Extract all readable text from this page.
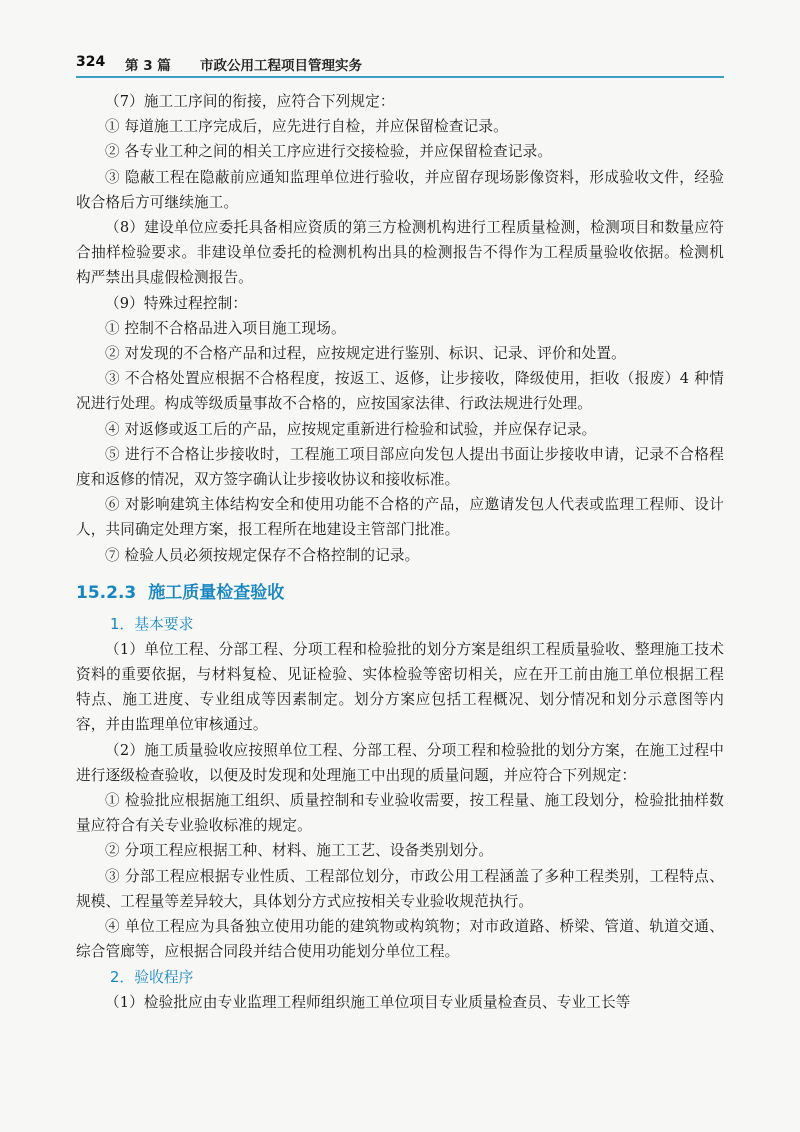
324 第 3 篇 市政公用工程项目管理实务

（7）施工工序间的衔接，应符合下列规定：

① 每道施工工序完成后，应先进行自检，并应保留检查记录。

② 各专业工种之间的相关工序应进行交接检验，并应保留检查记录。

③ 隐蔽工程在隐蔽前应通知监理单位进行验收，并应留存现场影像资料，形成验收文件，经验收合格后方可继续施工。

（8）建设单位应委托具备相应资质的第三方检测机构进行工程质量检测，检测项目和数量应符合抽样检验要求。非建设单位委托的检测机构出具的检测报告不得作为工程质量验收依据。检测机构严禁出具虚假检测报告。

（9）特殊过程控制：

① 控制不合格品进入项目施工现场。

② 对发现的不合格产品和过程，应按规定进行鉴别、标识、记录、评价和处置。

③ 不合格处置应根据不合格程度，按返工、返修，让步接收，降级使用，拒收（报废）4 种情况进行处理。构成等级质量事故不合格的，应按国家法律、行政法规进行处理。

④ 对返修或返工后的产品，应按规定重新进行检验和试验，并应保存记录。

⑤ 进行不合格让步接收时，工程施工项目部应向发包人提出书面让步接收申请，记录不合格程度和返修的情况，双方签字确认让步接收协议和接收标准。

⑥ 对影响建筑主体结构安全和使用功能不合格的产品，应邀请发包人代表或监理工程师、设计人，共同确定处理方案，报工程所在地建设主管部门批准。

⑦ 检验人员必须按规定保存不合格控制的记录。

15.2.3 施工质量检查验收

1．基本要求

（1）单位工程、分部工程、分项工程和检验批的划分方案是组织工程质量验收、整理施工技术资料的重要依据，与材料复检、见证检验、实体检验等密切相关，应在开工前由施工单位根据工程特点、施工进度、专业组成等因素制定。划分方案应包括工程概况、划分情况和划分示意图等内容，并由监理单位审核通过。

（2）施工质量验收应按照单位工程、分部工程、分项工程和检验批的划分方案，在施工过程中进行逐级检查验收，以便及时发现和处理施工中出现的质量问题，并应符合下列规定：

① 检验批应根据施工组织、质量控制和专业验收需要，按工程量、施工段划分，检验批抽样数量应符合有关专业验收标准的规定。

② 分项工程应根据工种、材料、施工工艺、设备类别划分。

③ 分部工程应根据专业性质、工程部位划分，市政公用工程涵盖了多种工程类别，工程特点、规模、工程量等差异较大，具体划分方式应按相关专业验收规范执行。

④ 单位工程应为具备独立使用功能的建筑物或构筑物；对市政道路、桥梁、管道、轨道交通、综合管廊等，应根据合同段并结合使用功能划分单位工程。

2．验收程序

（1）检验批应由专业监理工程师组织施工单位项目专业质量检查员、专业工长等
